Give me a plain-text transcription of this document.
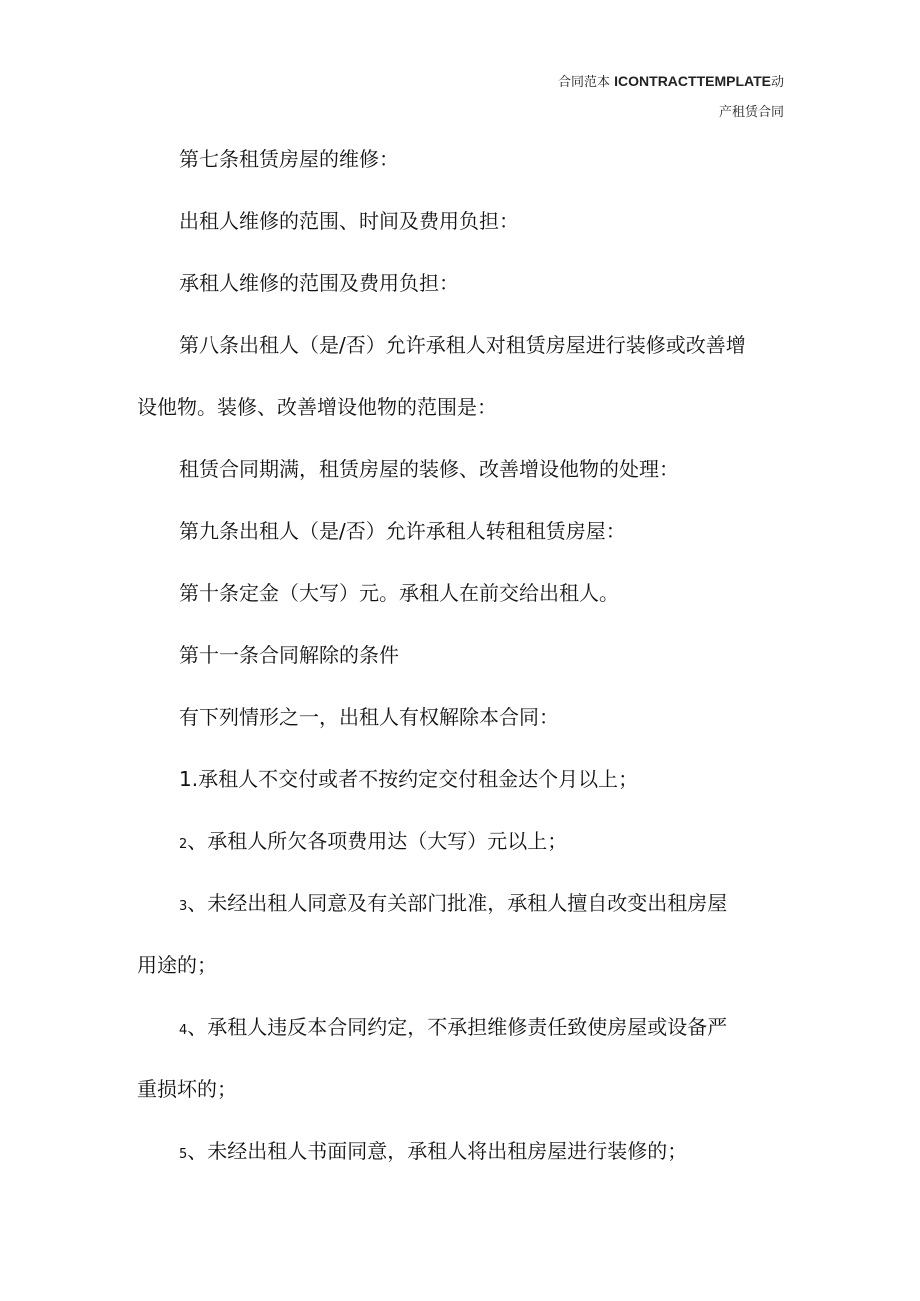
合同范本 ICONTRACTTEMPLATE动
产租赁合同
第七条租赁房屋的维修：
出租人维修的范围、时间及费用负担：
承租人维修的范围及费用负担：
第八条出租人（是/否）允许承租人对租赁房屋进行装修或改善增
设他物。装修、改善增设他物的范围是：
租赁合同期满，租赁房屋的装修、改善增设他物的处理：
第九条出租人（是/否）允许承租人转租租赁房屋：
第十条定金（大写）元。承租人在前交给出租人。
第十一条合同解除的条件
有下列情形之一，出租人有权解除本合同：
1.承租人不交付或者不按约定交付租金达个月以上；
2、承租人所欠各项费用达（大写）元以上；
3、未经出租人同意及有关部门批准，承租人擅自改变出租房屋
用途的；
4、承租人违反本合同约定，不承担维修责任致使房屋或设备严
重损坏的；
5、未经出租人书面同意，承租人将出租房屋进行装修的；
